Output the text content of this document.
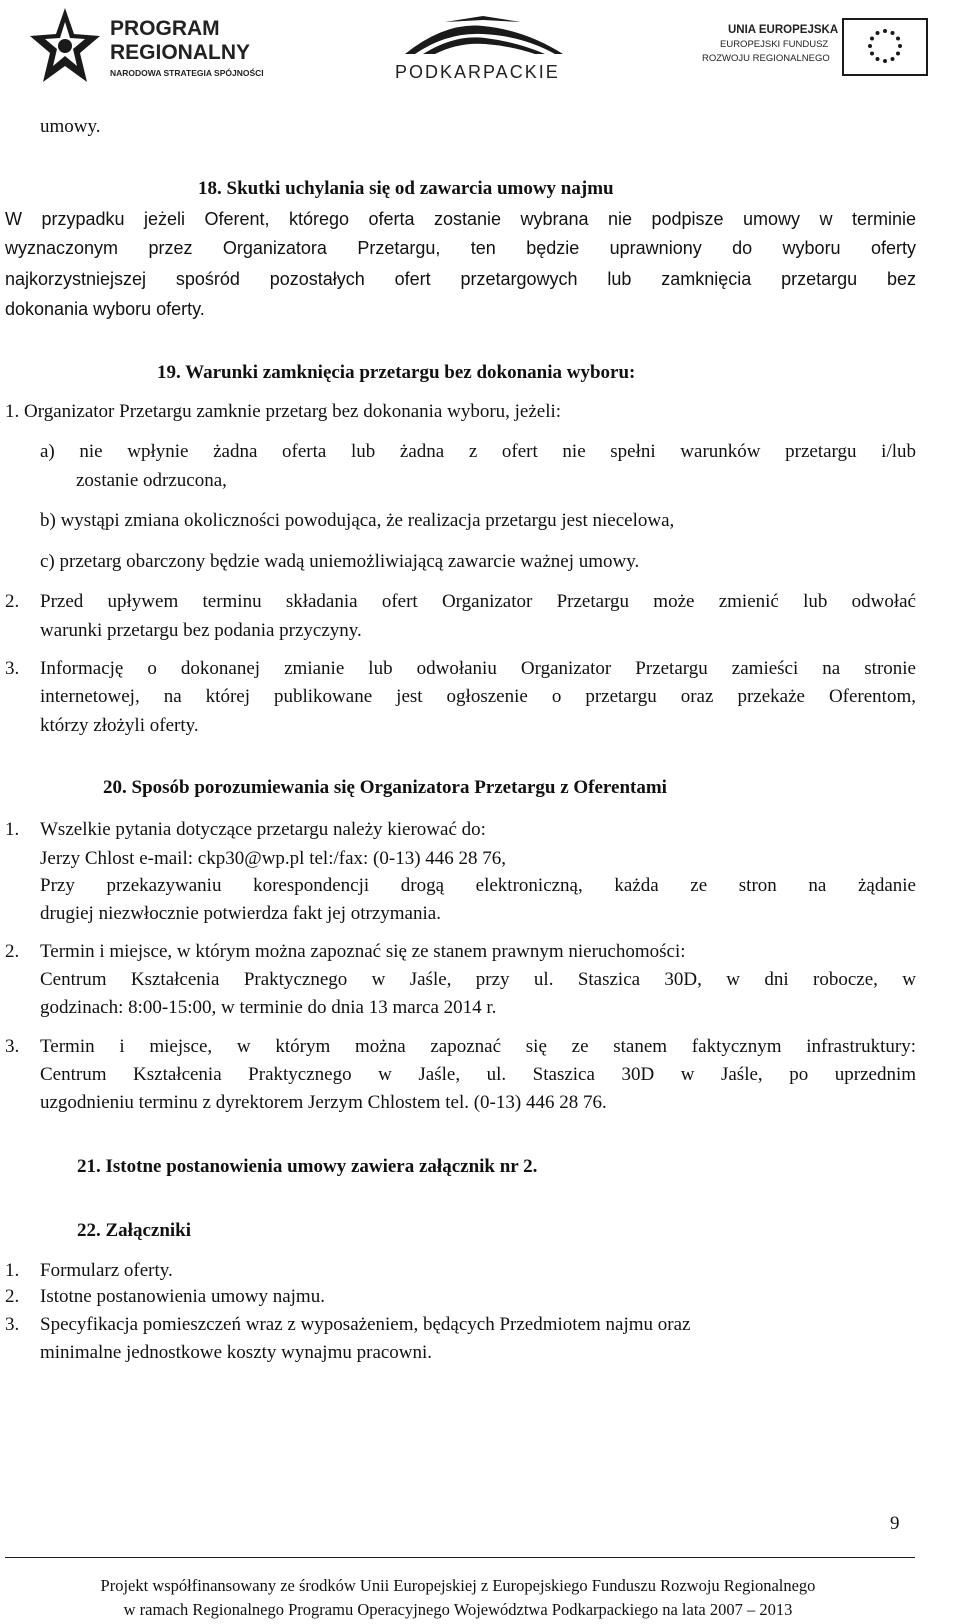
PROGRAM
REGIONALNY
NARODOWA STRATEGIA SPÓJNOŚCI	PODKARPACKIE
UNIA EUROPEJSKA
EUROPEJSKI FUNDUSZ
ROZWOJU REGIONALNEGO
umowy.
18. Skutki uchylania się od zawarcia umowy najmu
W przypadku jeżeli Oferent, którego oferta zostanie wybrana nie podpisze umowy w terminie
wyznaczonym przez Organizatora Przetargu, ten będzie uprawniony do wyboru oferty
najkorzystniejszej spośród pozostałych ofert przetargowych lub zamknięcia przetargu bez
dokonania wyboru oferty.
19. Warunki zamknięcia przetargu bez dokonania wyboru:
1. Organizator Przetargu zamknie przetarg bez dokonania wyboru, jeżeli:
a) nie wpłynie żadna oferta lub żadna z ofert nie spełni warunków przetargu i/lub
zostanie odrzucona,
b) wystąpi zmiana okoliczności powodująca, że realizacja przetargu jest niecelowa,
c) przetarg obarczony będzie wadą uniemożliwiającą zawarcie ważnej umowy.
2. Przed upływem terminu składania ofert Organizator Przetargu może zmienić lub odwołać
warunki przetargu bez podania przyczyny.
3. Informację o dokonanej zmianie lub odwołaniu Organizator Przetargu zamieści na stronie
internetowej, na której publikowane jest ogłoszenie o przetargu oraz przekaże Oferentom,
którzy złożyli oferty.
20. Sposób porozumiewania się Organizatora Przetargu z Oferentami
1. Wszelkie pytania dotyczące przetargu należy kierować do:
Jerzy Chlost e-mail: ckp30@wp.pl tel:/fax: (0-13) 446 28 76,
Przy przekazywaniu korespondencji drogą elektroniczną, każda ze stron na żądanie
drugiej niezwłocznie potwierdza fakt jej otrzymania.
2. Termin i miejsce, w którym można zapoznać się ze stanem prawnym nieruchomości:
Centrum Kształcenia Praktycznego w Jaśle, przy ul. Staszica 30D, w dni robocze, w
godzinach: 8:00-15:00, w terminie do dnia 13 marca 2014 r.
3. Termin i miejsce, w którym można zapoznać się ze stanem faktycznym infrastruktury:
Centrum Kształcenia Praktycznego w Jaśle, ul. Staszica 30D w Jaśle, po uprzednim
uzgodnieniu terminu z dyrektorem Jerzym Chlostem tel. (0-13) 446 28 76.
21. Istotne postanowienia umowy zawiera załącznik nr 2.
22. Załączniki
1. Formularz oferty.
2. Istotne postanowienia umowy najmu.
3. Specyfikacja pomieszczeń wraz z wyposażeniem, będących Przedmiotem najmu oraz
minimalne jednostkowe koszty wynajmu pracowni.
9
Projekt współfinansowany ze środków Unii Europejskiej z Europejskiego Funduszu Rozwoju Regionalnego
w ramach Regionalnego Programu Operacyjnego Województwa Podkarpackiego na lata 2007 – 2013
